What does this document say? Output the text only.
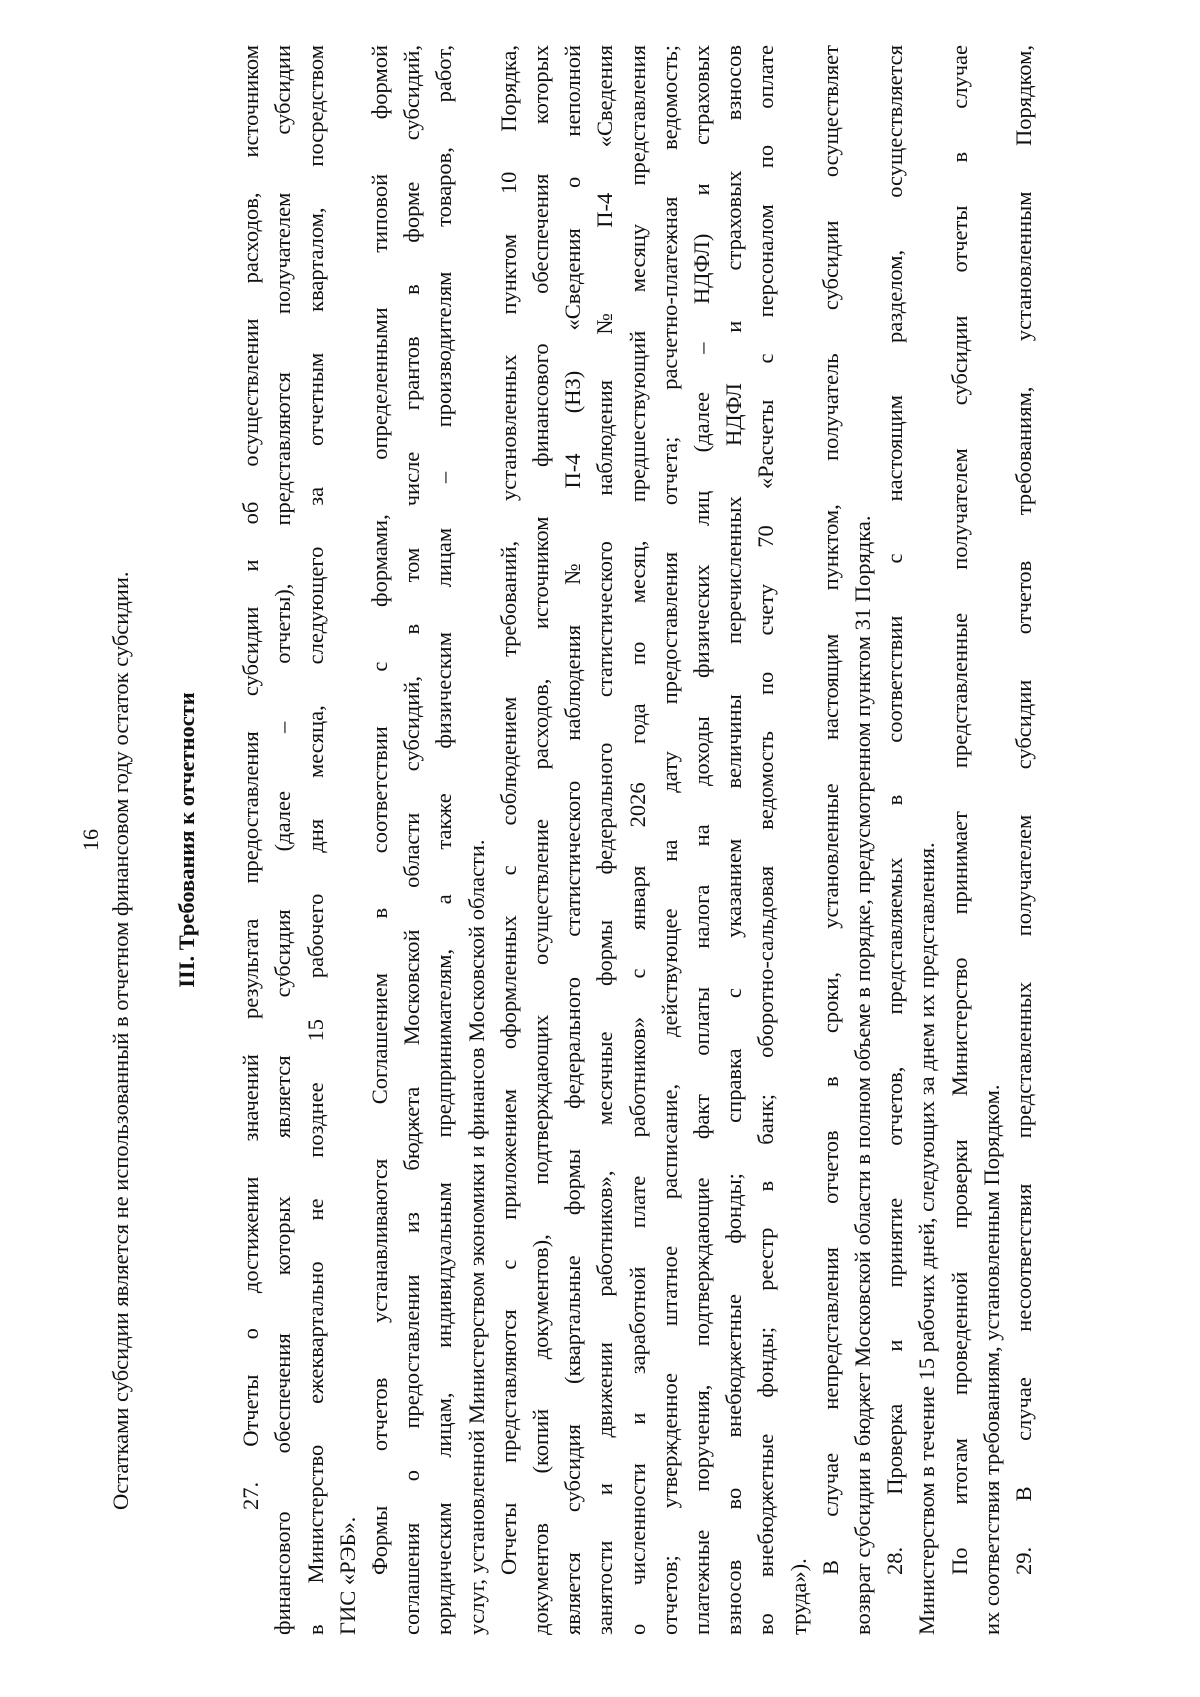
16 Остатками субсидии является не использованный в отчетном финансовом году остаток субсидии. III. Требования к отчетности 27. Отчеты о достижении значений результата предоставления субсидии и об осуществлении расходов, источником финансового обеспечения которых является субсидия (далее – отчеты), представляются получателем субсидии в Министерство ежеквартально не позднее 15 рабочего дня месяца, следующего за отчетным кварталом, посредством ГИС «РЭБ».
Формы отчетов устанавливаются Соглашением в соответствии с формами, определенными типовой формой соглашения о предоставлении из бюджета Московской области субсидий, в том числе грантов в форме субсидий, юридическим лицам, индивидуальным предпринимателям, а также физическим лицам – производителям товаров, работ, услуг, установленной Министерством экономики и финансов Московской области. Отчеты представляются с приложением оформленных с соблюдением требований, установленных пунктом 10 Порядка, документов (копий документов), подтверждающих осуществление расходов, источником финансового обеспечения которых является субсидия (квартальные формы федерального статистического наблюдения № П-4 (НЗ) «Сведения о неполной занятости и движении работников», месячные формы федерального статистического наблюдения № П-4 «Сведения о численности и заработной плате работников» с января 2026 года по месяц, предшествующий месяцу представления отчетов; утвержденное штатное расписание, действующее на дату предоставления отчета; расчетно-платежная ведомость; платежные поручения, подтверждающие факт оплаты налога на доходы физических лиц (далее – НДФЛ) и страховых взносов во внебюджетные фонды; справка с указанием величины перечисленных НДФЛ и страховых взносов во внебюджетные фонды; реестр в банк; оборотно-сальдовая ведомость по счету 70 «Расчеты с персоналом по оплате труда»).
В случае непредставления отчетов в сроки, установленные настоящим пунктом, получатель субсидии осуществляет возврат субсидии в бюджет Московской области в полном объеме в порядке, предусмотренном пунктом 31 Порядка. 28. Проверка и принятие отчетов, представляемых в соответствии с настоящим разделом, осуществляется Министерством в течение 15 рабочих дней, следующих за днем их представления. По итогам проведенной проверки Министерство принимает представленные получателем субсидии отчеты в случае их соответствия требованиям, установленным Порядком. 29. В случае несоответствия представленных получателем субсидии отчетов требованиям, установленным Порядком,
